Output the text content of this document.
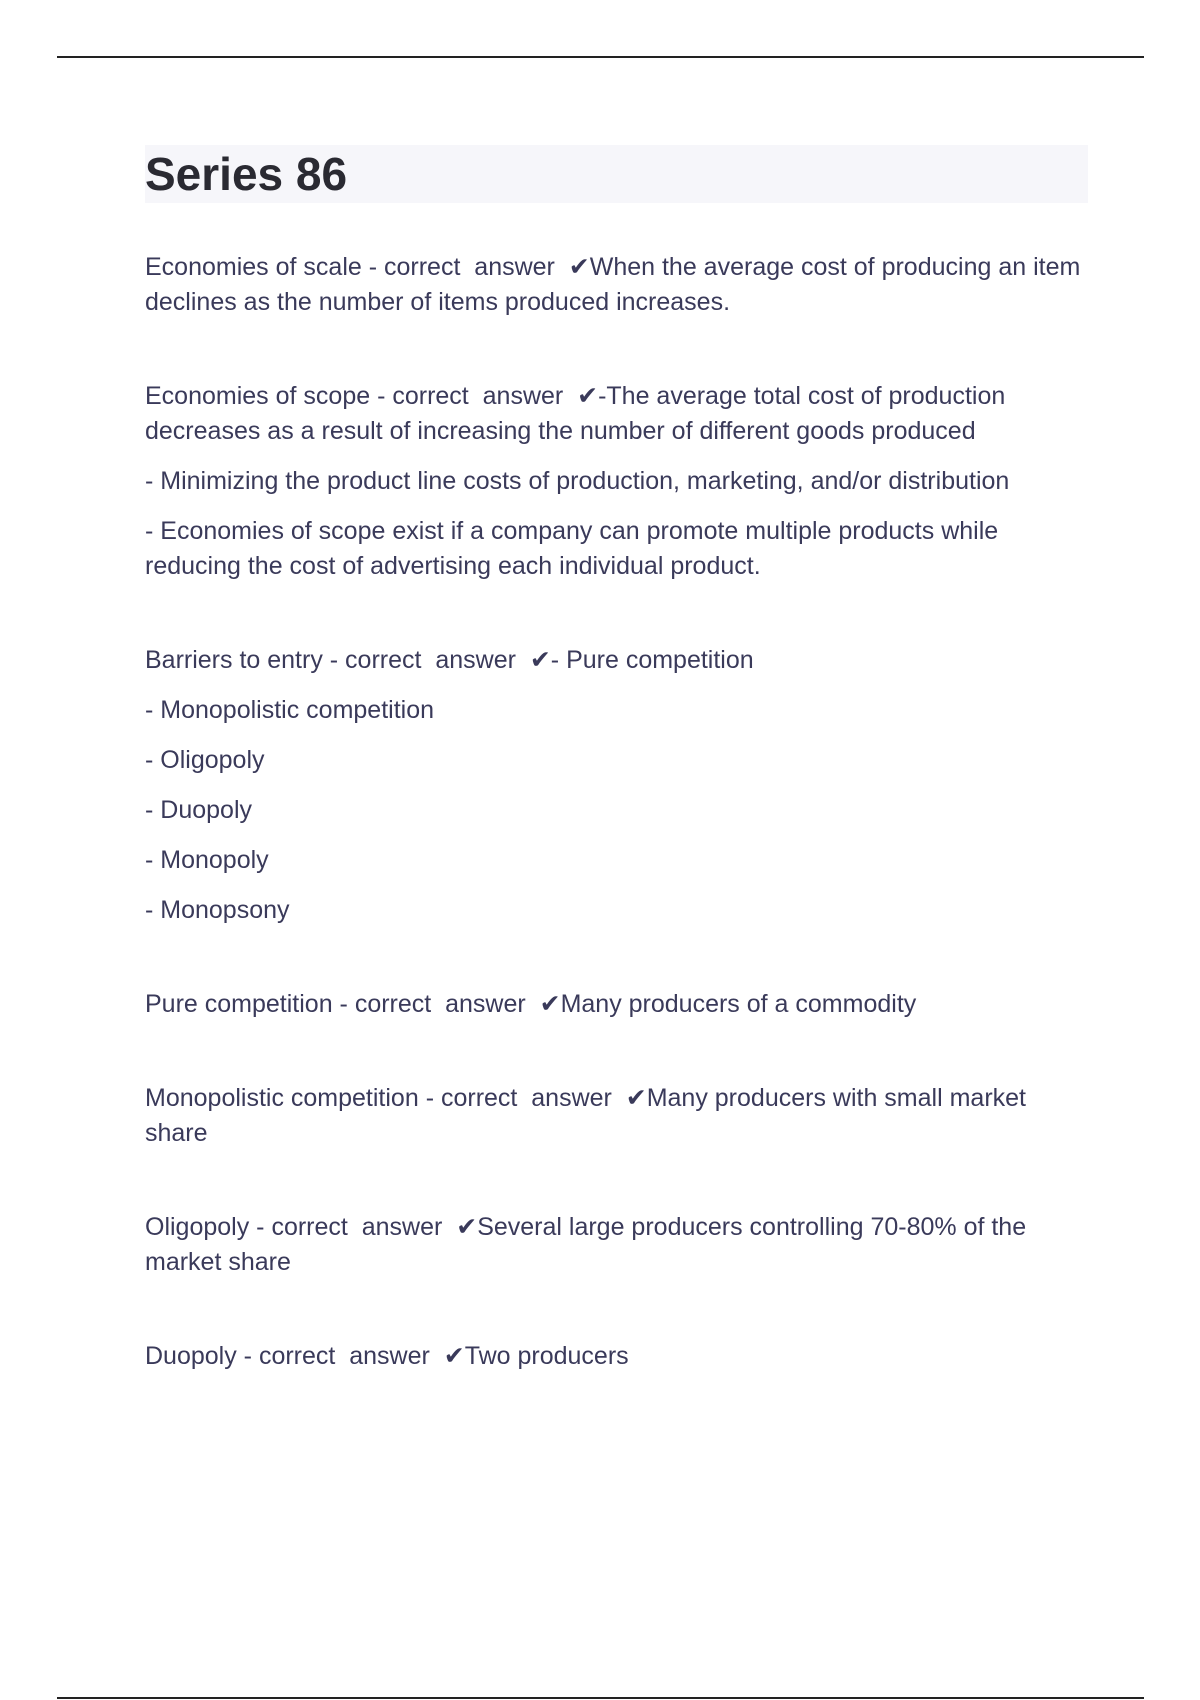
Series 86

Economies of scale - correct  answer  ✔When the average cost of producing an item declines as the number of items produced increases.

Economies of scope - correct  answer  ✔-The average total cost of production decreases as a result of increasing the number of different goods produced

- Minimizing the product line costs of production, marketing, and/or distribution

- Economies of scope exist if a company can promote multiple products while reducing the cost of advertising each individual product.

Barriers to entry - correct  answer  ✔- Pure competition

- Monopolistic competition

- Oligopoly

- Duopoly

- Monopoly

- Monopsony

Pure competition - correct  answer  ✔Many producers of a commodity

Monopolistic competition - correct  answer  ✔Many producers with small market share

Oligopoly - correct  answer  ✔Several large producers controlling 70-80% of the market share

Duopoly - correct  answer  ✔Two producers
